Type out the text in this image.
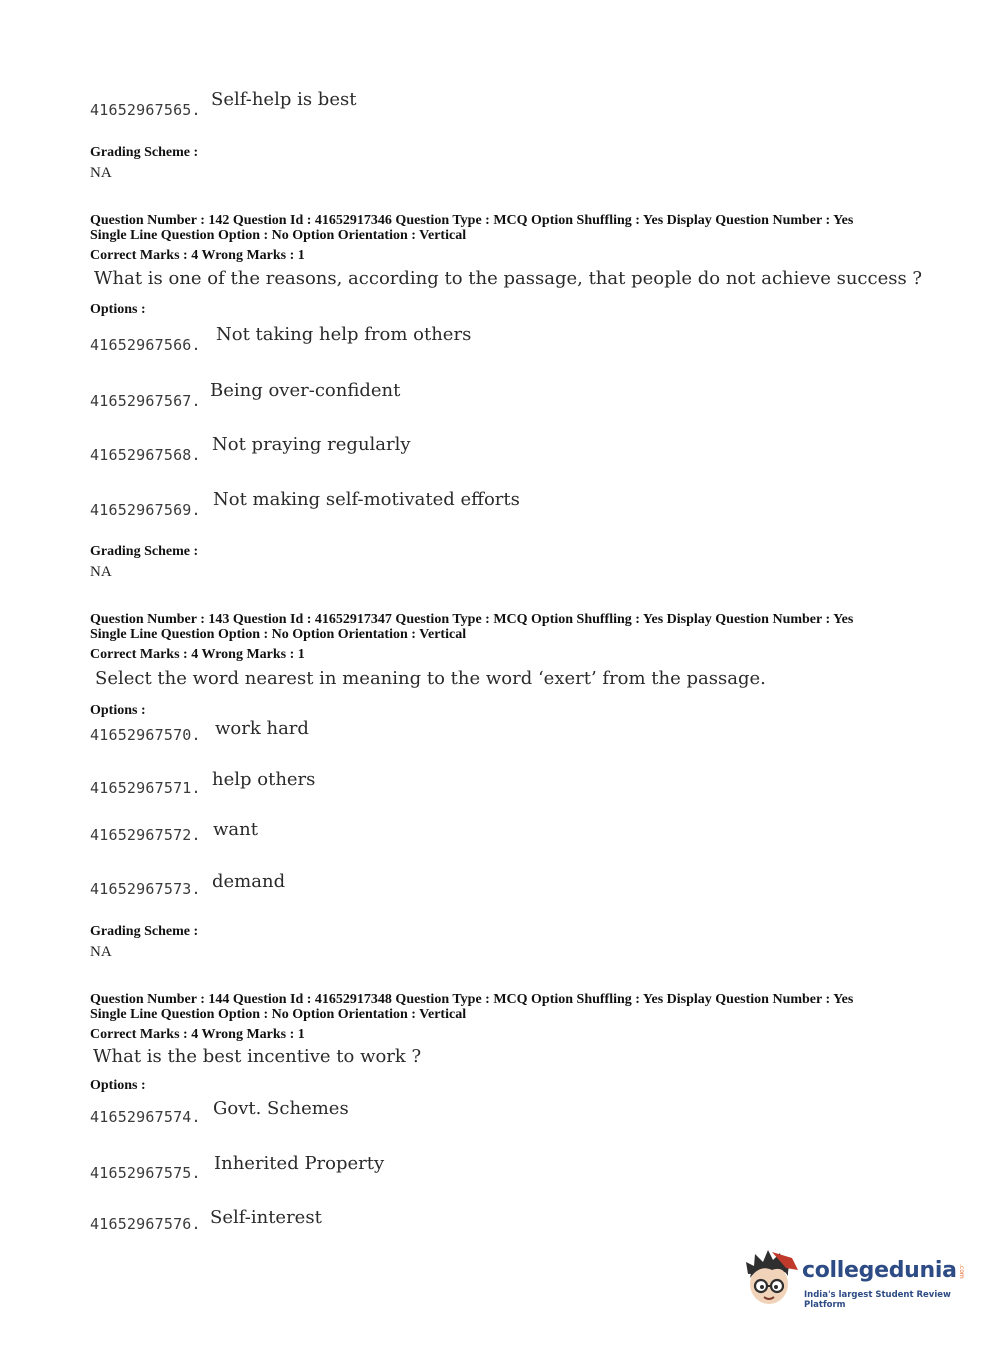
41652967565. Self-help is best
Grading Scheme :
NA
Question Number : 142 Question Id : 41652917346 Question Type : MCQ Option Shuffling : Yes Display Question Number : Yes
Single Line Question Option : No Option Orientation : Vertical
Correct Marks : 4 Wrong Marks : 1
What is one of the reasons, according to the passage, that people do not achieve success ?
Options :
41652967566. Not taking help from others
41652967567. Being over-confident
41652967568. Not praying regularly
41652967569. Not making self-motivated efforts
Grading Scheme :
NA
Question Number : 143 Question Id : 41652917347 Question Type : MCQ Option Shuffling : Yes Display Question Number : Yes
Single Line Question Option : No Option Orientation : Vertical
Correct Marks : 4 Wrong Marks : 1
Select the word nearest in meaning to the word ‘exert’ from the passage.
Options :
41652967570. work hard
41652967571. help others
41652967572. want
41652967573. demand
Grading Scheme :
NA
Question Number : 144 Question Id : 41652917348 Question Type : MCQ Option Shuffling : Yes Display Question Number : Yes
Single Line Question Option : No Option Orientation : Vertical
Correct Marks : 4 Wrong Marks : 1
What is the best incentive to work ?
Options :
41652967574. Govt. Schemes
41652967575. Inherited Property
41652967576. Self-interest
collegedunia .com
India's largest Student Review Platform
